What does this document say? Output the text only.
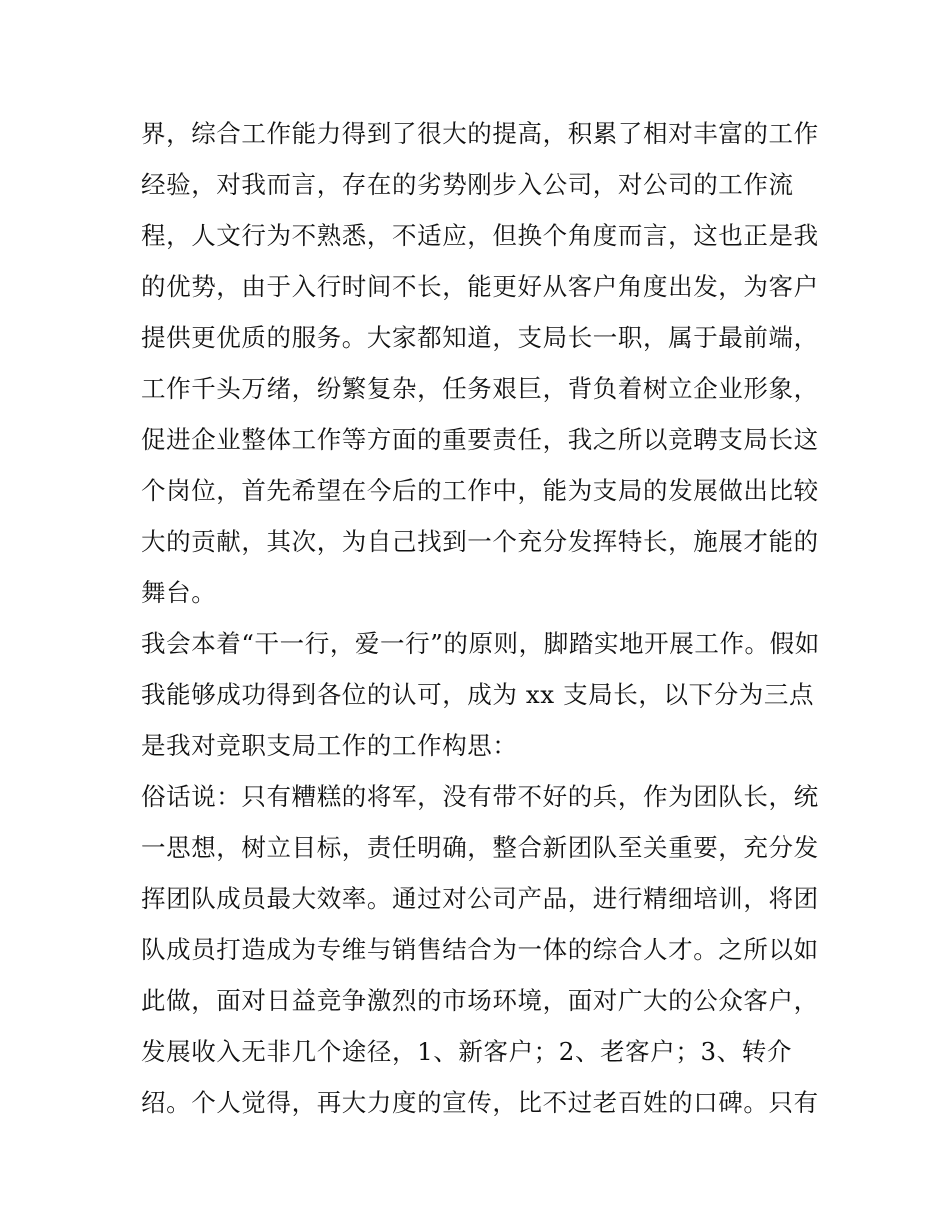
界，综合工作能力得到了很大的提高，积累了相对丰富的工作
经验，对我而言，存在的劣势刚步入公司，对公司的工作流
程，人文行为不熟悉，不适应，但换个角度而言，这也正是我
的优势，由于入行时间不长，能更好从客户角度出发，为客户
提供更优质的服务。大家都知道，支局长一职，属于最前端，
工作千头万绪，纷繁复杂，任务艰巨，背负着树立企业形象，
促进企业整体工作等方面的重要责任，我之所以竞聘支局长这
个岗位，首先希望在今后的工作中，能为支局的发展做出比较
大的贡献，其次，为自己找到一个充分发挥特长，施展才能的
舞台。
我会本着“干一行，爱一行”的原则，脚踏实地开展工作。假如
我能够成功得到各位的认可，成为 xx 支局长，以下分为三点
是我对竞职支局工作的工作构思：
俗话说：只有糟糕的将军，没有带不好的兵，作为团队长，统
一思想，树立目标，责任明确，整合新团队至关重要，充分发
挥团队成员最大效率。通过对公司产品，进行精细培训，将团
队成员打造成为专维与销售结合为一体的综合人才。之所以如
此做，面对日益竞争激烈的市场环境，面对广大的公众客户，
发展收入无非几个途径，1、新客户；2、老客户；3、转介
绍。个人觉得，再大力度的宣传，比不过老百姓的口碑。只有
